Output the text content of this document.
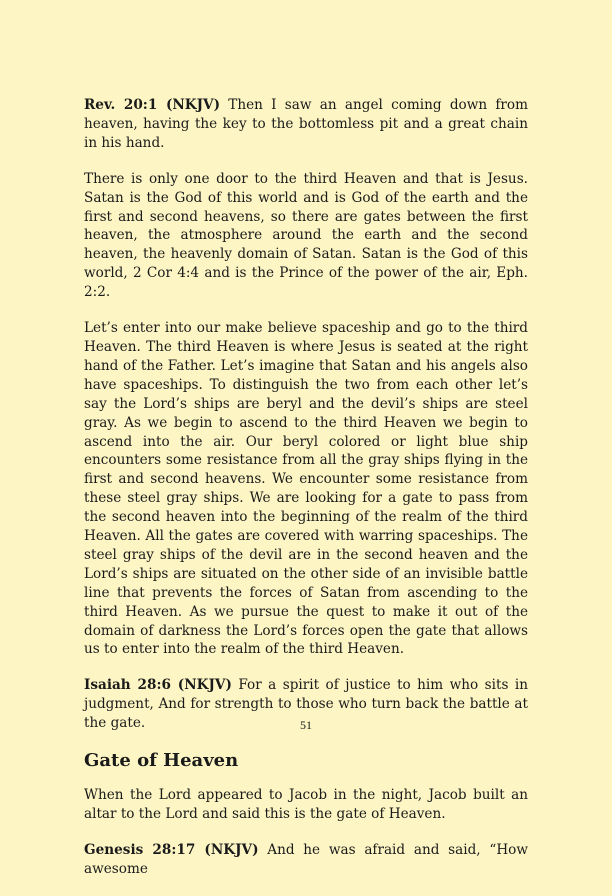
Rev. 20:1 (NKJV) Then I saw an angel coming down from heaven, having the key to the bottomless pit and a great chain in his hand.

There is only one door to the third Heaven and that is Jesus. Satan is the God of this world and is God of the earth and the first and second heavens, so there are gates between the first heaven, the atmosphere around the earth and the second heaven, the heavenly domain of Satan. Satan is the God of this world, 2 Cor 4:4 and is the Prince of the power of the air, Eph. 2:2.

Let’s enter into our make believe spaceship and go to the third Heaven. The third Heaven is where Jesus is seated at the right hand of the Father. Let’s imagine that Satan and his angels also have spaceships. To distinguish the two from each other let’s say the Lord’s ships are beryl and the devil’s ships are steel gray. As we begin to ascend to the third Heaven we begin to ascend into the air. Our beryl colored or light blue ship encounters some resistance from all the gray ships flying in the first and second heavens. We encounter some resistance from these steel gray ships. We are looking for a gate to pass from the second heaven into the beginning of the realm of the third Heaven. All the gates are covered with warring spaceships. The steel gray ships of the devil are in the second heaven and the Lord’s ships are situated on the other side of an invisible battle line that prevents the forces of Satan from ascending to the third Heaven. As we pursue the quest to make it out of the domain of darkness the Lord’s forces open the gate that allows us to enter into the realm of the third Heaven.

Isaiah 28:6 (NKJV) For a spirit of justice to him who sits in judgment, And for strength to those who turn back the battle at the gate.

Gate of Heaven

When the Lord appeared to Jacob in the night, Jacob built an altar to the Lord and said this is the gate of Heaven.

Genesis 28:17 (NKJV) And he was afraid and said, “How awesome

51
